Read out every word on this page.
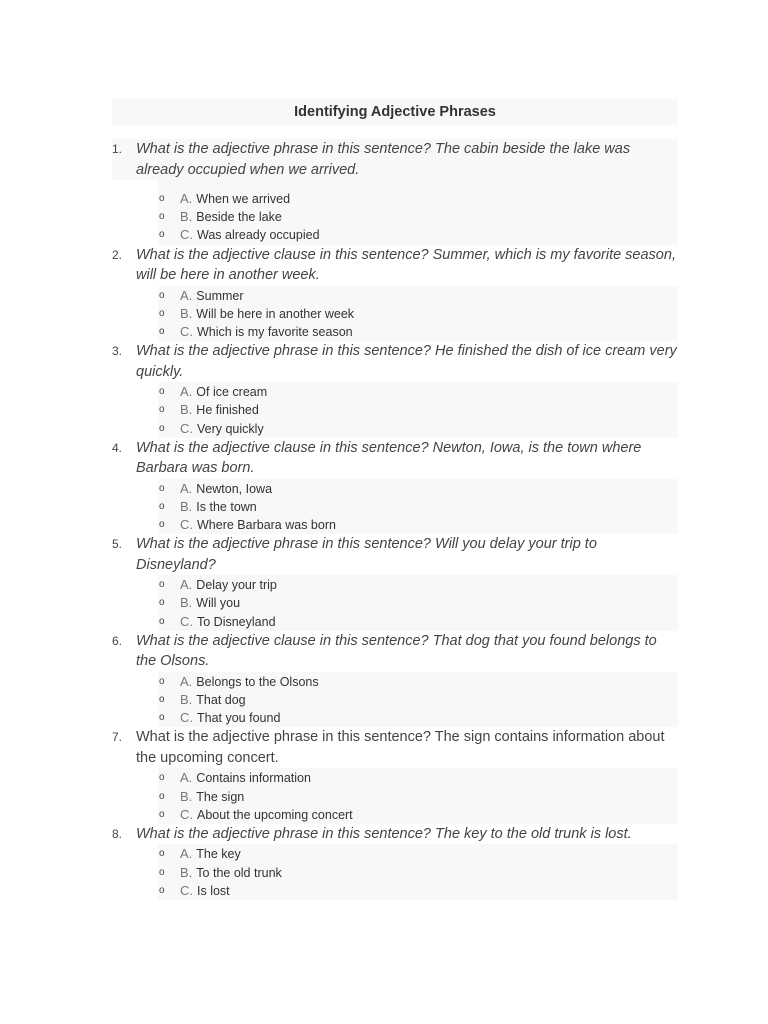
Identifying Adjective Phrases
1. What is the adjective phrase in this sentence? The cabin beside the lake was already occupied when we arrived.
o A. When we arrived
o B. Beside the lake
o C. Was already occupied
2. What is the adjective clause in this sentence? Summer, which is my favorite season, will be here in another week.
o A. Summer
o B. Will be here in another week
o C. Which is my favorite season
3. What is the adjective phrase in this sentence? He finished the dish of ice cream very quickly.
o A. Of ice cream
o B. He finished
o C. Very quickly
4. What is the adjective clause in this sentence? Newton, Iowa, is the town where Barbara was born.
o A. Newton, Iowa
o B. Is the town
o C. Where Barbara was born
5. What is the adjective phrase in this sentence? Will you delay your trip to Disneyland?
o A. Delay your trip
o B. Will you
o C. To Disneyland
6. What is the adjective clause in this sentence? That dog that you found belongs to the Olsons.
o A. Belongs to the Olsons
o B. That dog
o C. That you found
7. What is the adjective phrase in this sentence? The sign contains information about the upcoming concert.
o A. Contains information
o B. The sign
o C. About the upcoming concert
8. What is the adjective phrase in this sentence? The key to the old trunk is lost.
o A. The key
o B. To the old trunk
o C. Is lost
